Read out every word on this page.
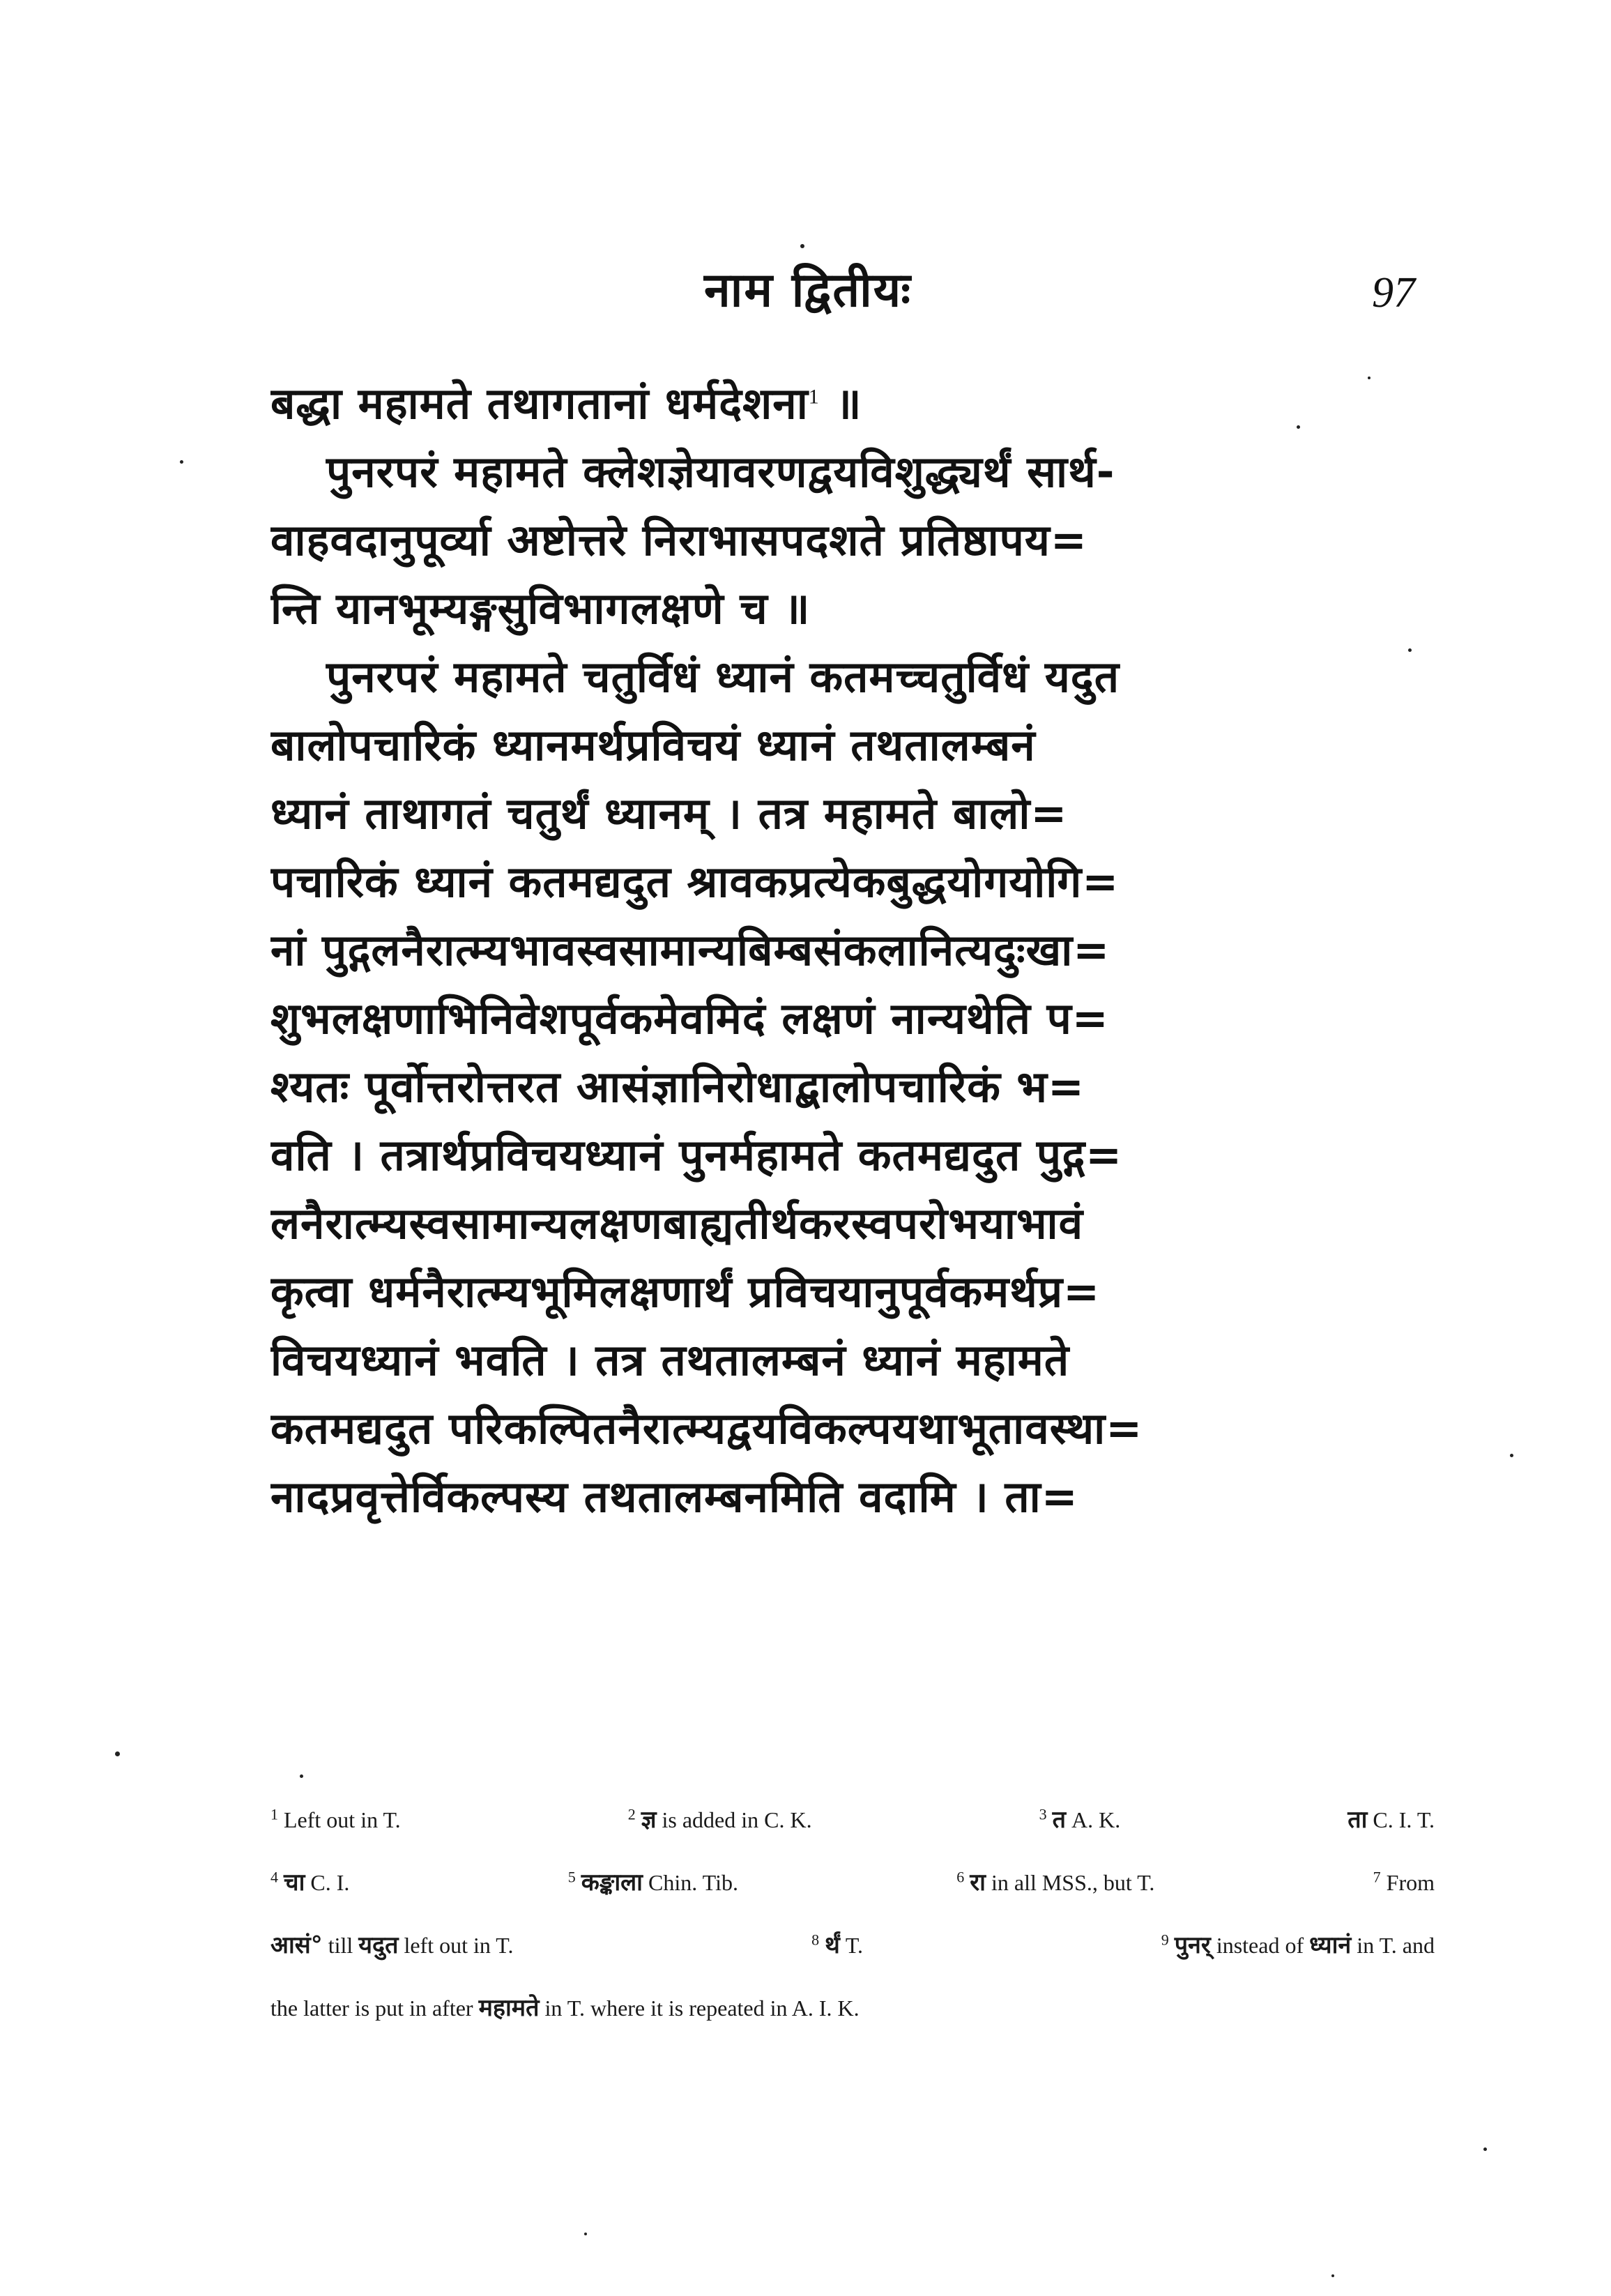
नाम द्वितीयः	97
बद्धा महामते तथागतानां धर्मदेशना$^1$ ॥
पुनरपरं महामते क्लेशज्ञेयावरणद्वयविशुद्ध्यर्थं सार्थ-
वाहवदानुपूर्व्या अष्टोत्तरे निराभासपदशते प्रतिष्ठापय=
न्ति यानभूम्यङ्गसुविभागलक्षणे च ॥
पुनरपरं महामते चतुर्विधं ध्यानं कतमच्चतुर्विधं यदुत
बालोपचारिकं ध्यानमर्थप्रविचयं ध्यानं तथतालम्बनं
ध्यानं ताथागतं चतुर्थं ध्यानम् । तत्र महामते बालो=
पचारिकं ध्यानं कतमद्यदुत श्रावकप्रत्येकबुद्धयोगयोगि=
नां पुद्गलनैरात्म्यभावस्वसामान्यबिम्बसंकलानित्यदुःखा=
शुभलक्षणाभिनिवेशपूर्वकमेवमिदं लक्षणं नान्यथेति प=
श्यतः पूर्वोत्तरोत्तरत आसंज्ञानिरोधाद्बालोपचारिकं भ=
वति । तत्रार्थप्रविचयध्यानं पुनर्महामते कतमद्यदुत पुद्ग=
लनैरात्म्यस्वसामान्यलक्षणबाह्यतीर्थकरस्वपरोभयाभावं
कृत्वा धर्मनैरात्म्यभूमिलक्षणार्थं प्रविचयानुपूर्वकमर्थप्र=
विचयध्यानं भवति । तत्र तथतालम्बनं ध्यानं महामते
कतमद्यदुत परिकल्पितनैरात्म्यद्वयविकल्पयथाभूतावस्था=
नादप्रवृत्तेर्विकल्पस्य तथतालम्बनमिति वदामि । ता=
$^1$ Left out in T.	$^2$ ज्ञ is added in C. K.	$^3$ त A. K.	ता C. I. T.
$^4$ चा C. I.	$^5$ कङ्काला Chin. Tib.	$^6$ रा in all MSS., but T.	$^7$ From
आसं° till यदुत left out in T.	$^8$ र्थं T.	$^9$ पुनर् instead of ध्यानं in T. and
the latter is put in after महामते in T. where it is repeated in A. I. K.
